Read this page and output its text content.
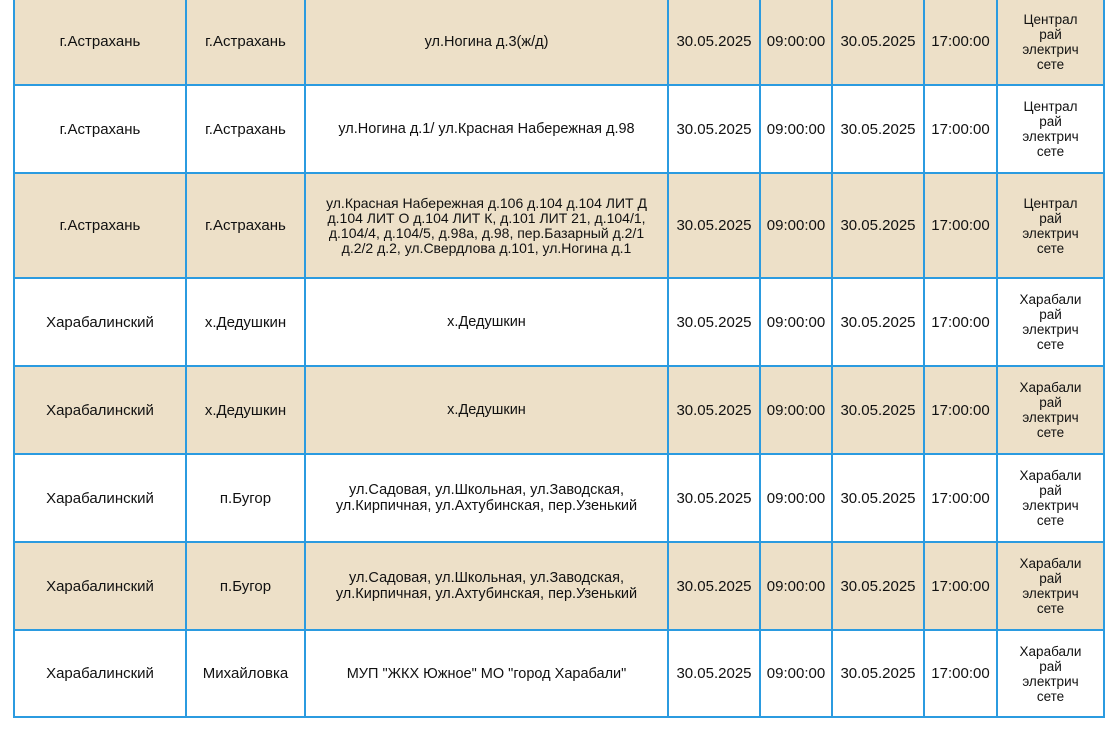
г.Астрахань	г.Астрахань	ул.Ногина д.3(ж/д)	30.05.2025	09:00:00	30.05.2025	17:00:00	Централ
рай
электрич
сете
г.Астрахань	г.Астрахань	ул.Ногина д.1/ ул.Красная Набережная д.98	30.05.2025	09:00:00	30.05.2025	17:00:00	Централ
рай
электрич
сете
г.Астрахань	г.Астрахань	ул.Красная Набережная д.106 д.104 д.104 ЛИТ Д д.104 ЛИТ О д.104 ЛИТ К, д.101 ЛИТ 21, д.104/1, д.104/4, д.104/5, д.98а, д.98, пер.Базарный д.2/1 д.2/2 д.2, ул.Свердлова д.101, ул.Ногина д.1	30.05.2025	09:00:00	30.05.2025	17:00:00	Централ
рай
электрич
сете
Харабалинский	х.Дедушкин	х.Дедушкин	30.05.2025	09:00:00	30.05.2025	17:00:00	Харабали
рай
электрич
сете
Харабалинский	х.Дедушкин	х.Дедушкин	30.05.2025	09:00:00	30.05.2025	17:00:00	Харабали
рай
электрич
сете
Харабалинский	п.Бугор	ул.Садовая, ул.Школьная, ул.Заводская, ул.Кирпичная, ул.Ахтубинская, пер.Узенький	30.05.2025	09:00:00	30.05.2025	17:00:00	Харабали
рай
электрич
сете
Харабалинский	п.Бугор	ул.Садовая, ул.Школьная, ул.Заводская, ул.Кирпичная, ул.Ахтубинская, пер.Узенький	30.05.2025	09:00:00	30.05.2025	17:00:00	Харабали
рай
электрич
сете
Харабалинский	Михайловка	МУП "ЖКХ Южное" МО "город Харабали"	30.05.2025	09:00:00	30.05.2025	17:00:00	Харабали
рай
электрич
сете
